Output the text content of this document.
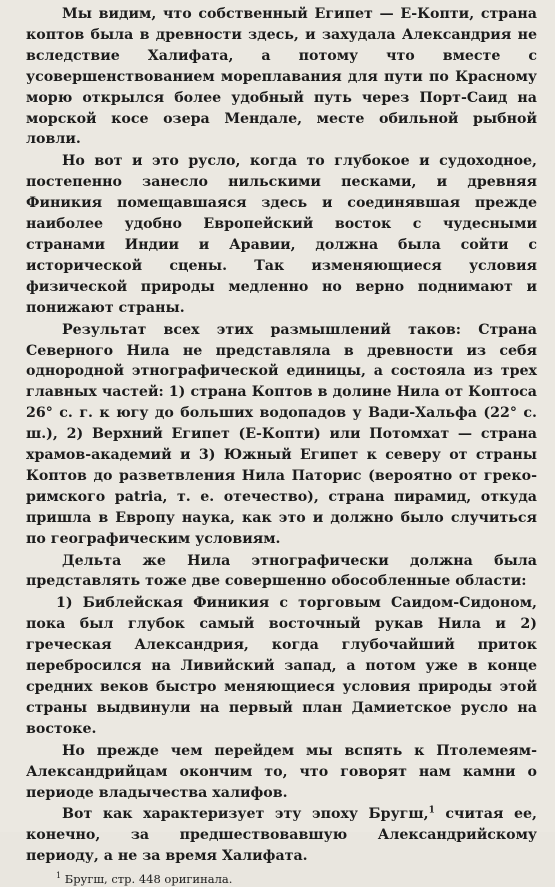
Мы видим, что собственный Египет — Е-Копти, страна коптов была в древности здесь, и захудала Александрия не вследствие Халифата, а потому что вместе с усовершенствованием мореплавания для пути по Красному морю открылся более удобный путь через Порт-Саид на морской косе озера Мендале, месте обильной рыбной ловли.

Но вот и это русло, когда то глубокое и судоходное, постепенно занесло нильскими песками, и древняя Финикия помещавшаяся здесь и соединявшая прежде наиболее удобно Европейский восток с чудесными странами Индии и Аравии, должна была сойти с исторической сцены. Так изменяющиеся условия физической природы медленно но верно поднимают и понижают страны.

Результат всех этих размышлений таков: Страна Северного Нила не представляла в древности из себя однородной этнографической единицы, а состояла из трех главных частей: 1) страна Коптов в долине Нила от Коптоса 26° с. г. к югу до больших водопадов у Вади-Хальфа (22° с. ш.), 2) Верхний Египет (Е-Копти) или Потомхат — страна храмов-академий и 3) Южный Египет к северу от страны Коптов до разветвления Нила Паторис (вероятно от греко-римского patria, т. е. отечество), страна пирамид, откуда пришла в Европу наука, как это и должно было случиться по географическим условиям.

Дельта же Нила этнографически должна была представлять тоже две совершенно обособленные области:

1) Библейская Финикия с торговым Саидом-Сидоном, пока был глубок самый восточный рукав Нила и 2) греческая Александрия, когда глубочайший приток перебросился на Ливийский запад, а потом уже в конце средних веков быстро меняющиеся условия природы этой страны выдвинули на первый план Дамиетское русло на востоке.

Но прежде чем перейдем мы вспять к Птолемеям-Александрийцам окончим то, что говорят нам камни о периоде владычества халифов.

Вот как характеризует эту эпоху Бругш,$^1$ считая ее, конечно, за предшествовавшую Александрийскому периоду, а не за время Халифата.

$^1$ Бругш, стр. 448 оригинала.
